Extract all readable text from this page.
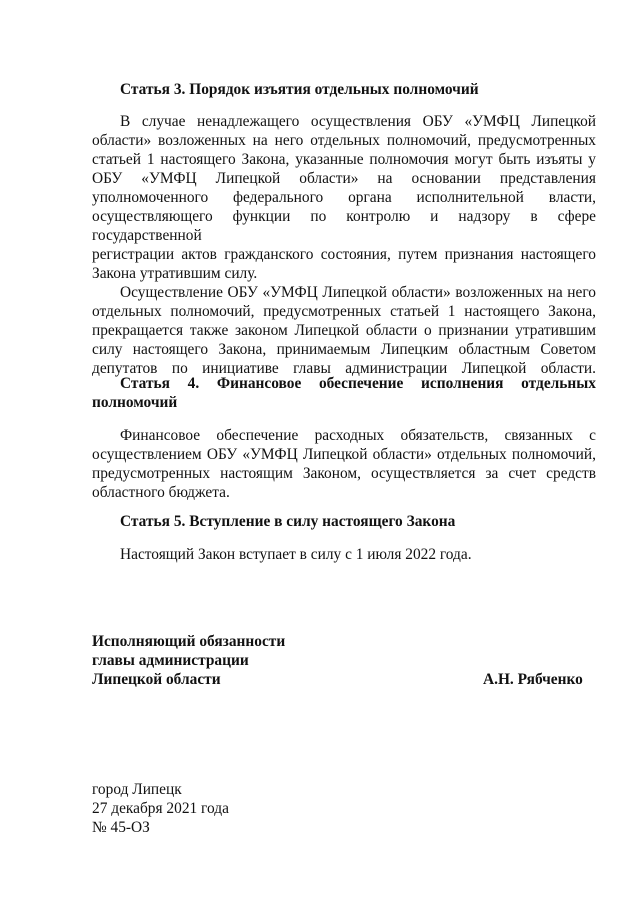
Статья 3. Порядок изъятия отдельных полномочий
В случае ненадлежащего осуществления ОБУ «УМФЦ Липецкой
области» возложенных на него отдельных полномочий, предусмотренных
статьей 1 настоящего Закона, указанные полномочия могут быть изъяты у
ОБУ «УМФЦ Липецкой области» на основании представления
уполномоченного федерального органа исполнительной власти,
осуществляющего функции по контролю и надзору в сфере государственной
регистрации актов гражданского состояния, путем признания настоящего
Закона утратившим силу.
Осуществление ОБУ «УМФЦ Липецкой области» возложенных на него
отдельных полномочий, предусмотренных статьей 1 настоящего Закона,
прекращается также законом Липецкой области о признании утратившим
силу настоящего Закона, принимаемым Липецким областным Советом
депутатов по инициативе главы администрации Липецкой области.
Статья 4. Финансовое обеспечение исполнения отдельных
полномочий
Финансовое обеспечение расходных обязательств, связанных с
осуществлением ОБУ «УМФЦ Липецкой области» отдельных полномочий,
предусмотренных настоящим Законом, осуществляется за счет средств
областного бюджета.
Статья 5. Вступление в силу настоящего Закона
Настоящий Закон вступает в силу с 1 июля 2022 года.
Исполняющий обязанности
главы администрации
Липецкой области	А.Н. Рябченко
город Липецк
27 декабря 2021 года
№ 45-ОЗ
